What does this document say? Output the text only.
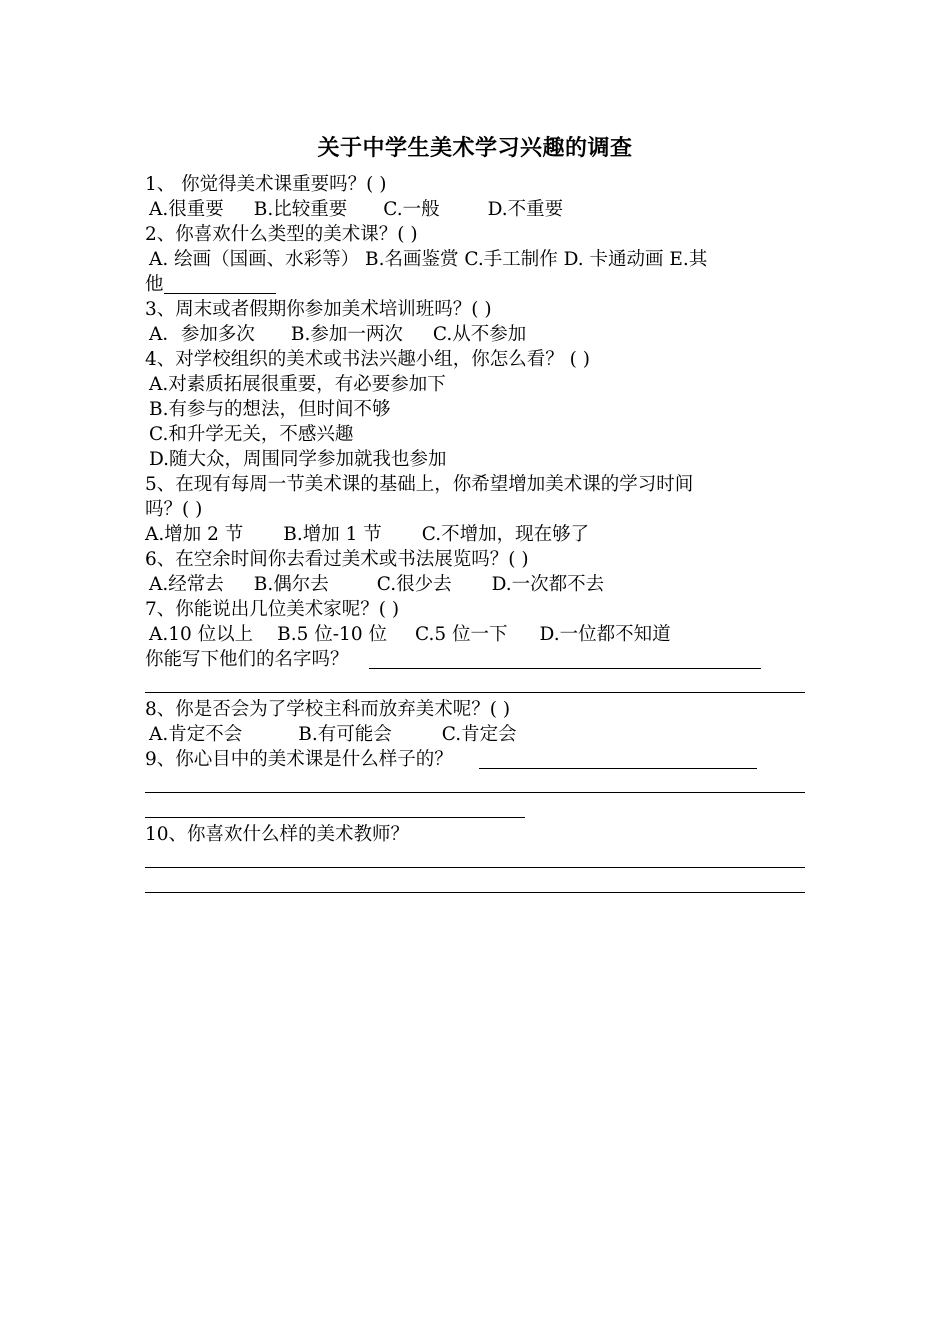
关于中学生美术学习兴趣的调查
1、 你觉得美术课重要吗？( )
A.很重要 B.比较重要 C.一般	D.不重要
2、你喜欢什么类型的美术课？( )
A. 绘画（国画、水彩等） B.名画鉴赏 C.手工制作 D. 卡通动画 E.其
他
3、周末或者假期你参加美术培训班吗？( )
A．参加多次 B.参加一两次 C.从不参加
4、对学校组织的美术或书法兴趣小组，你怎么看？ ( )
A.对素质拓展很重要，有必要参加下
B.有参与的想法，但时间不够
C.和升学无关，不感兴趣
D.随大众，周围同学参加就我也参加
5、在现有每周一节美术课的基础上，你希望增加美术课的学习时间
吗？( )
A.增加 2 节 B.增加 1 节 C.不增加，现在够了
6、在空余时间你去看过美术或书法展览吗？( )
A.经常去 B.偶尔去	C.很少去 D.一次都不去
7、你能说出几位美术家呢？( )
A.10 位以上 B.5 位-10 位 C.5 位一下 D.一位都不知道
你能写下他们的名字吗？
8、你是否会为了学校主科而放弃美术呢？( )
A.肯定不会	B.有可能会	C.肯定会
9、你心目中的美术课是什么样子的？
10、你喜欢什么样的美术教师？
